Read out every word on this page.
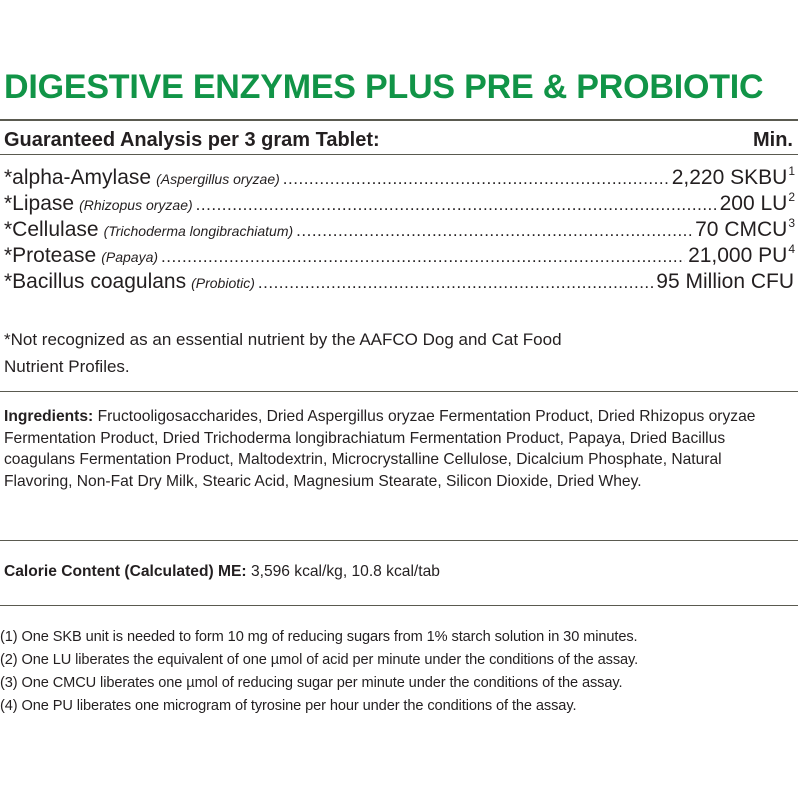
DIGESTIVE ENZYMES PLUS PRE & PROBIOTIC
Guaranteed Analysis per 3 gram Tablet:	Min.
*alpha-Amylase (Aspergillus oryzae) .....	2,220 SKBU$^1$
*Lipase (Rhizopus oryzae) .....	200 $LU^2$
*Cellulase (Trichoderma longibrachiatum) .....	70 CMCU$^3$
*Protease (Papaya) .....	21,000 $PU^4$
*Bacillus coagulans (Probiotic) .....	95 Million CFU
*Not recognized as an essential nutrient by the AAFCO Dog and Cat Food
Nutrient Profiles.
Ingredients: Fructooligosaccharides, Dried Aspergillus oryzae Fermentation Product, Dried Rhizopus oryzae Fermentation Product, Dried Trichoderma longibrachiatum Fermentation Product, Papaya, Dried Bacillus coagulans Fermentation Product, Maltodextrin, Microcrystalline Cellulose, Dicalcium Phosphate, Natural Flavoring, Non-Fat Dry Milk, Stearic Acid, Magnesium Stearate, Silicon Dioxide, Dried Whey.
Calorie Content (Calculated) ME: 3,596 kcal/kg, 10.8 kcal/tab
(1) One SKB unit is needed to form 10 mg of reducing sugars from 1% starch solution in 30 minutes.
(2) One LU liberates the equivalent of one µmol of acid per minute under the conditions of the assay.
(3) One CMCU liberates one µmol of reducing sugar per minute under the conditions of the assay.
(4) One PU liberates one microgram of tyrosine per hour under the conditions of the assay.
